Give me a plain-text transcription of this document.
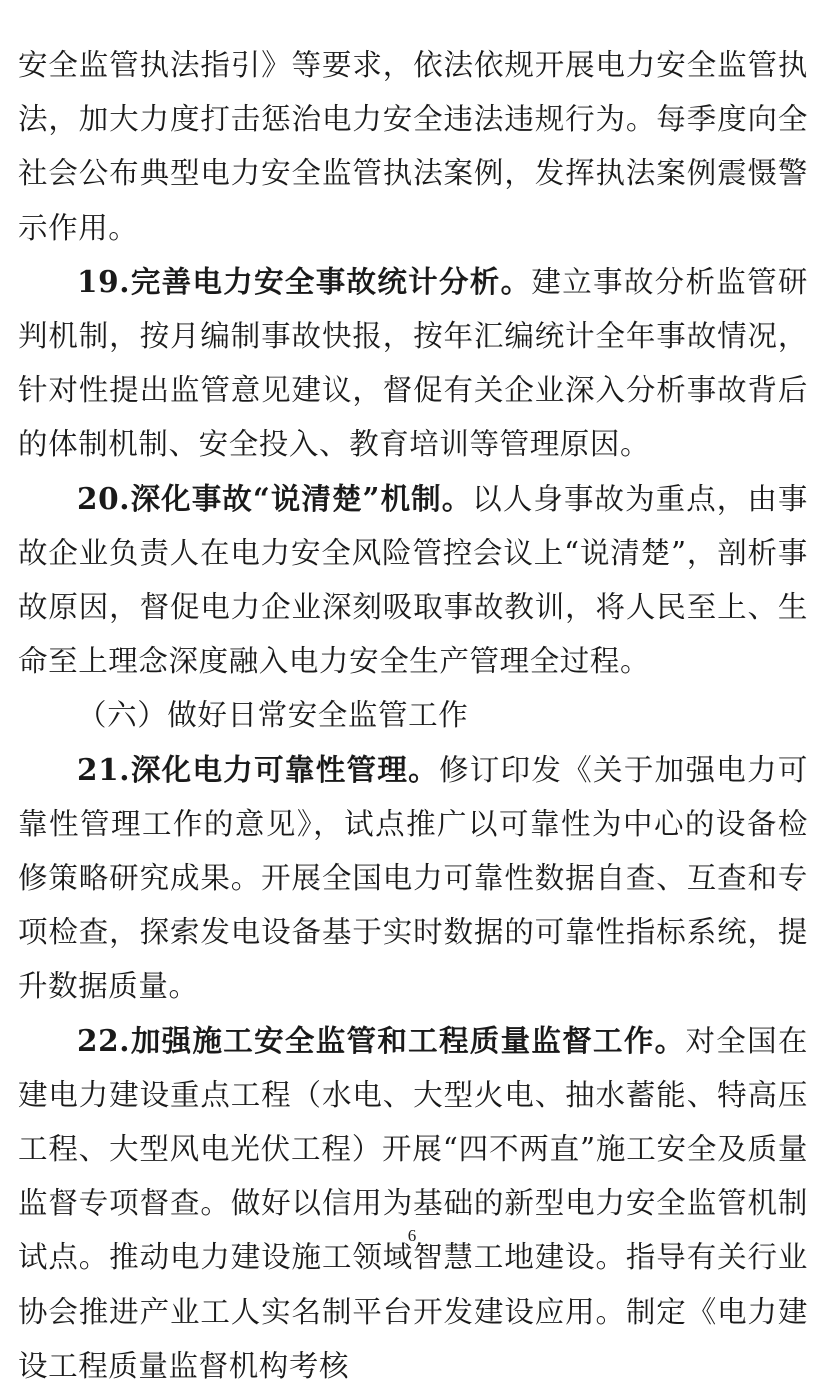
安全监管执法指引》等要求，依法依规开展电力安全监管执法，加大力度打击惩治电力安全违法违规行为。每季度向全社会公布典型电力安全监管执法案例，发挥执法案例震慑警示作用。

19.完善电力安全事故统计分析。建立事故分析监管研判机制，按月编制事故快报，按年汇编统计全年事故情况，针对性提出监管意见建议，督促有关企业深入分析事故背后的体制机制、安全投入、教育培训等管理原因。

20.深化事故“说清楚”机制。以人身事故为重点，由事故企业负责人在电力安全风险管控会议上“说清楚”，剖析事故原因，督促电力企业深刻吸取事故教训，将人民至上、生命至上理念深度融入电力安全生产管理全过程。

（六）做好日常安全监管工作

21.深化电力可靠性管理。修订印发《关于加强电力可靠性管理工作的意见》，试点推广以可靠性为中心的设备检修策略研究成果。开展全国电力可靠性数据自查、互查和专项检查，探索发电设备基于实时数据的可靠性指标系统，提升数据质量。

22.加强施工安全监管和工程质量监督工作。对全国在建电力建设重点工程（水电、大型火电、抽水蓄能、特高压工程、大型风电光伏工程）开展“四不两直”施工安全及质量监督专项督查。做好以信用为基础的新型电力安全监管机制试点。推动电力建设施工领域智慧工地建设。指导有关行业协会推进产业工人实名制平台开发建设应用。制定《电力建设工程质量监督机构考核

6
